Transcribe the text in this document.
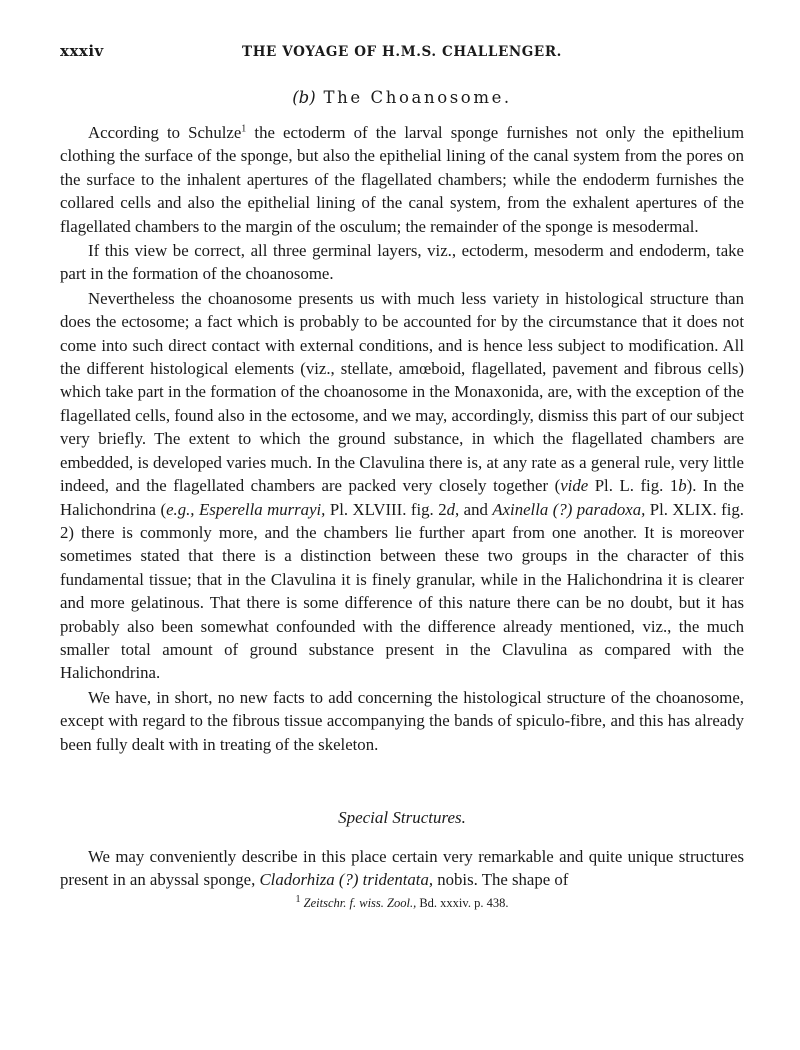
xxxiv	THE VOYAGE OF H.M.S. CHALLENGER.
(b) The Choanosome.

According to Schulze$^1$ the ectoderm of the larval sponge furnishes not only the epithelium clothing the surface of the sponge, but also the epithelial lining of the canal system from the pores on the surface to the inhalent apertures of the flagellated chambers; while the endoderm furnishes the collared cells and also the epithelial lining of the canal system, from the exhalent apertures of the flagellated chambers to the margin of the osculum; the remainder of the sponge is mesodermal.

If this view be correct, all three germinal layers, viz., ectoderm, mesoderm and endoderm, take part in the formation of the choanosome.

Nevertheless the choanosome presents us with much less variety in histological structure than does the ectosome; a fact which is probably to be accounted for by the circumstance that it does not come into such direct contact with external conditions, and is hence less subject to modification. All the different histological elements (viz., stellate, amœboid, flagellated, pavement and fibrous cells) which take part in the formation of the choanosome in the Monaxonida, are, with the exception of the flagellated cells, found also in the ectosome, and we may, accordingly, dismiss this part of our subject very briefly. The extent to which the ground substance, in which the flagellated chambers are embedded, is developed varies much. In the Clavulina there is, at any rate as a general rule, very little indeed, and the flagellated chambers are packed very closely together (vide Pl. L. fig. 1b). In the Halichondrina (e.g., Esperella murrayi, Pl. XLVIII. fig. 2d, and Axinella (?) paradoxa, Pl. XLIX. fig. 2) there is commonly more, and the chambers lie further apart from one another. It is moreover sometimes stated that there is a distinction between these two groups in the character of this fundamental tissue; that in the Clavulina it is finely granular, while in the Halichondrina it is clearer and more gelatinous. That there is some difference of this nature there can be no doubt, but it has probably also been somewhat confounded with the difference already mentioned, viz., the much smaller total amount of ground substance present in the Clavulina as compared with the Halichondrina.

We have, in short, no new facts to add concerning the histological structure of the choanosome, except with regard to the fibrous tissue accompanying the bands of spiculo-fibre, and this has already been fully dealt with in treating of the skeleton.

Special Structures.

We may conveniently describe in this place certain very remarkable and quite unique structures present in an abyssal sponge, Cladorhiza (?) tridentata, nobis. The shape of

$^1$ Zeitschr. f. wiss. Zool., Bd. xxxiv. p. 438.
